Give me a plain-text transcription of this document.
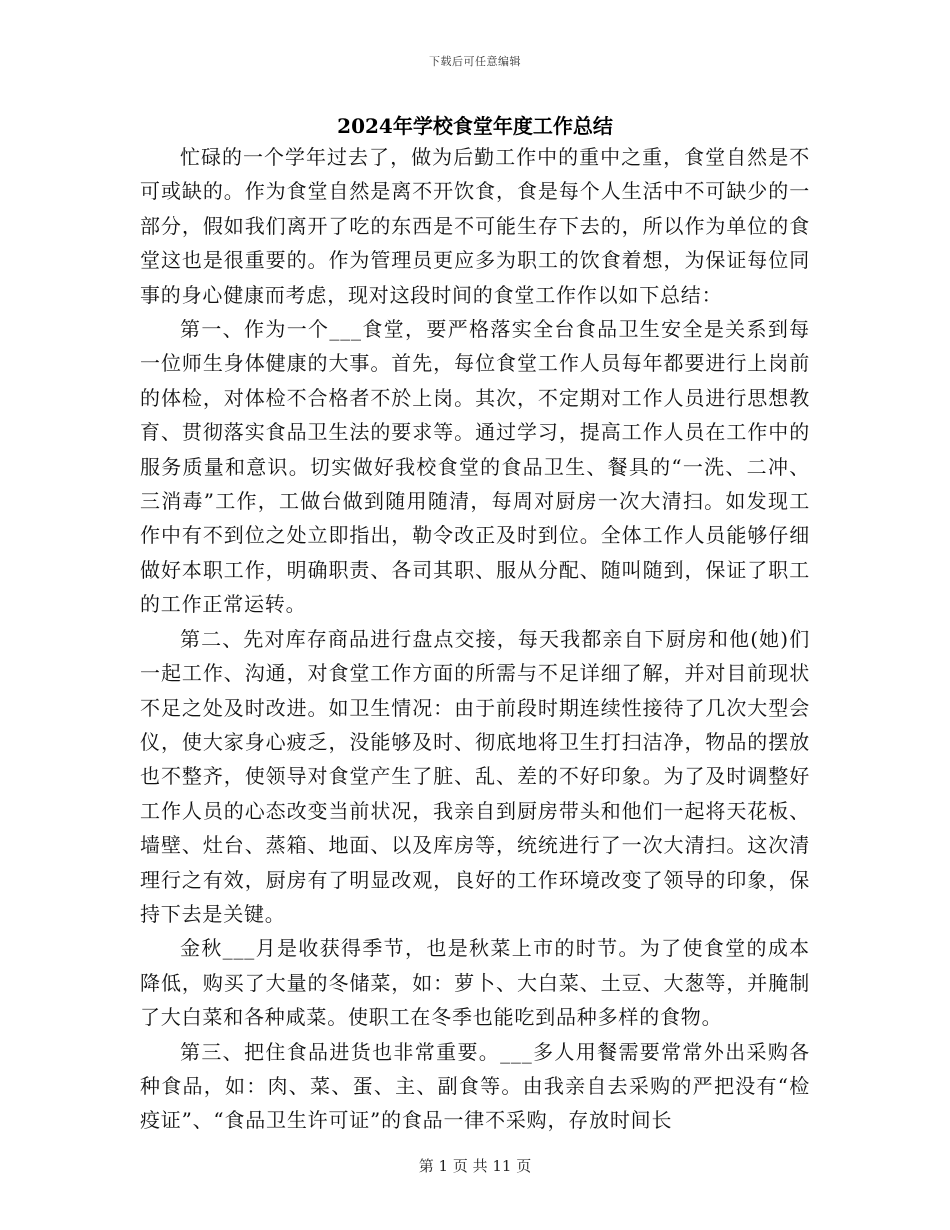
下载后可任意编辑
2024年学校食堂年度工作总结

忙碌的一个学年过去了，做为后勤工作中的重中之重，食堂自然是不可或缺的。作为食堂自然是离不开饮食，食是每个人生活中不可缺少的一部分，假如我们离开了吃的东西是不可能生存下去的，所以作为单位的食堂这也是很重要的。作为管理员更应多为职工的饮食着想，为保证每位同事的身心健康而考虑，现对这段时间的食堂工作作以如下总结：

第一、作为一个___食堂，要严格落实全台食品卫生安全是关系到每一位师生身体健康的大事。首先，每位食堂工作人员每年都要进行上岗前的体检，对体检不合格者不於上岗。其次，不定期对工作人员进行思想教育、贯彻落实食品卫生法的要求等。通过学习，提高工作人员在工作中的服务质量和意识。切实做好我校食堂的食品卫生、餐具的“一洗、二冲、三消毒”工作，工做台做到随用随清，每周对厨房一次大清扫。如发现工作中有不到位之处立即指出，勒令改正及时到位。全体工作人员能够仔细做好本职工作，明确职责、各司其职、服从分配、随叫随到，保证了职工的工作正常运转。

第二、先对库存商品进行盘点交接，每天我都亲自下厨房和他(她)们一起工作、沟通，对食堂工作方面的所需与不足详细了解，并对目前现状不足之处及时改进。如卫生情况：由于前段时期连续性接待了几次大型会仪，使大家身心疲乏，没能够及时、彻底地将卫生打扫洁净，物品的摆放也不整齐，使领导对食堂产生了脏、乱、差的不好印象。为了及时调整好工作人员的心态改变当前状况，我亲自到厨房带头和他们一起将天花板、墙壁、灶台、蒸箱、地面、以及库房等，统统进行了一次大清扫。这次清理行之有效，厨房有了明显改观，良好的工作环境改变了领导的印象，保持下去是关键。

金秋___月是收获得季节，也是秋菜上市的时节。为了使食堂的成本降低，购买了大量的冬储菜，如：萝卜、大白菜、土豆、大葱等，并腌制了大白菜和各种咸菜。使职工在冬季也能吃到品种多样的食物。

第三、把住食品进货也非常重要。___多人用餐需要常常外出采购各种食品，如：肉、菜、蛋、主、副食等。由我亲自去采购的严把没有“检疫证”、“食品卫生许可证”的食品一律不采购，存放时间长

第 1 页 共 11 页
